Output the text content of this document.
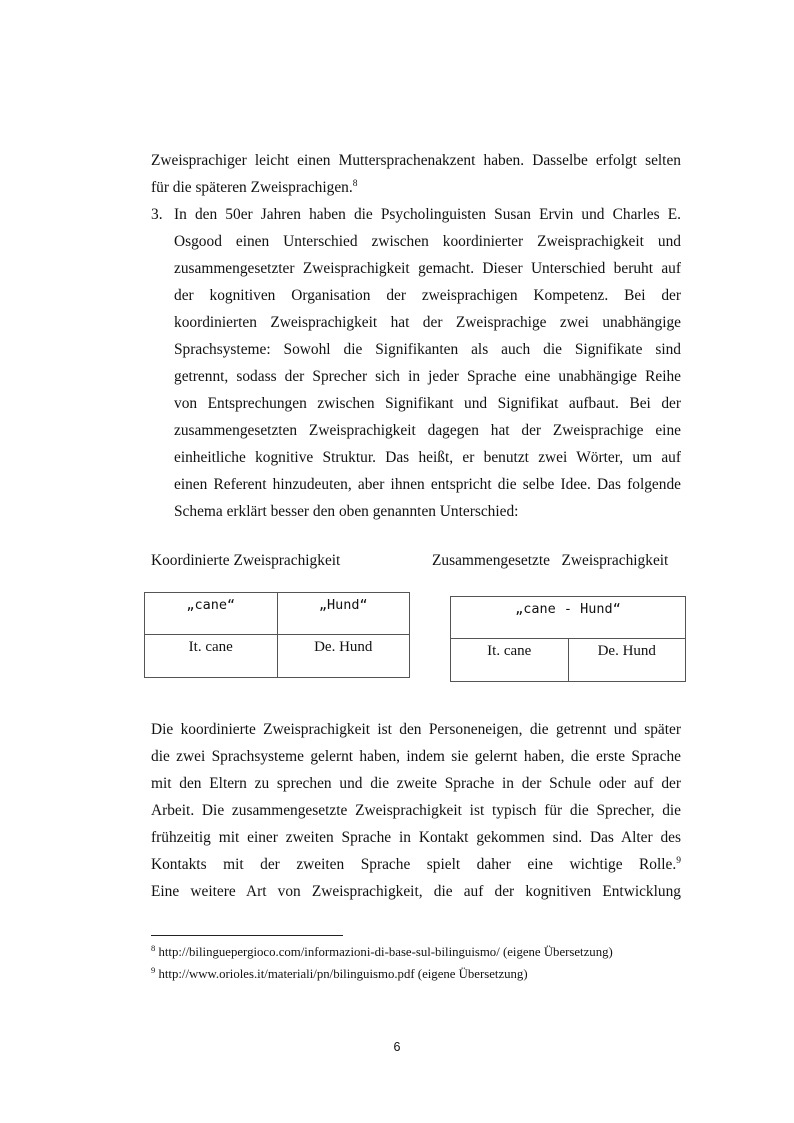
Zweisprachiger leicht einen Muttersprachenakzent haben. Dasselbe erfolgt selten
für die späteren Zweisprachigen.$^8$
3. In den 50er Jahren haben die Psycholinguisten Susan Ervin und Charles E.
Osgood einen Unterschied zwischen koordinierter Zweisprachigkeit und
zusammengesetzter Zweisprachigkeit gemacht. Dieser Unterschied beruht auf
der kognitiven Organisation der zweisprachigen Kompetenz. Bei der
koordinierten Zweisprachigkeit hat der Zweisprachige zwei unabhängige
Sprachsysteme: Sowohl die Signifikanten als auch die Signifikate sind
getrennt, sodass der Sprecher sich in jeder Sprache eine unabhängige Reihe
von Entsprechungen zwischen Signifikant und Signifikat aufbaut. Bei der
zusammengesetzten Zweisprachigkeit dagegen hat der Zweisprachige eine
einheitliche kognitive Struktur. Das heißt, er benutzt zwei Wörter, um auf
einen Referent hinzudeuten, aber ihnen entspricht die selbe Idee. Das folgende
Schema erklärt besser den oben genannten Unterschied:
Koordinierte Zweisprachigkeit	Zusammengesetzte   Zweisprachigkeit
„cane“	„Hund“
It. cane	De. Hund
„cane - Hund“
It. cane	De. Hund
Die koordinierte Zweisprachigkeit ist den Personeneigen, die getrennt und später
die zwei Sprachsysteme gelernt haben, indem sie gelernt haben, die erste Sprache
mit den Eltern zu sprechen und die zweite Sprache in der Schule oder auf der
Arbeit. Die zusammengesetzte Zweisprachigkeit ist typisch für die Sprecher, die
frühzeitig mit einer zweiten Sprache in Kontakt gekommen sind. Das Alter des
Kontakts mit der zweiten Sprache spielt daher eine wichtige Rolle.$^9$
Eine weitere Art von Zweisprachigkeit, die auf der kognitiven Entwicklung
$^8$ http://bilinguepergioco.com/informazioni-di-base-sul-bilinguismo/ (eigene Übersetzung)
$^9$ http://www.orioles.it/materiali/pn/bilinguismo.pdf (eigene Übersetzung)
6
